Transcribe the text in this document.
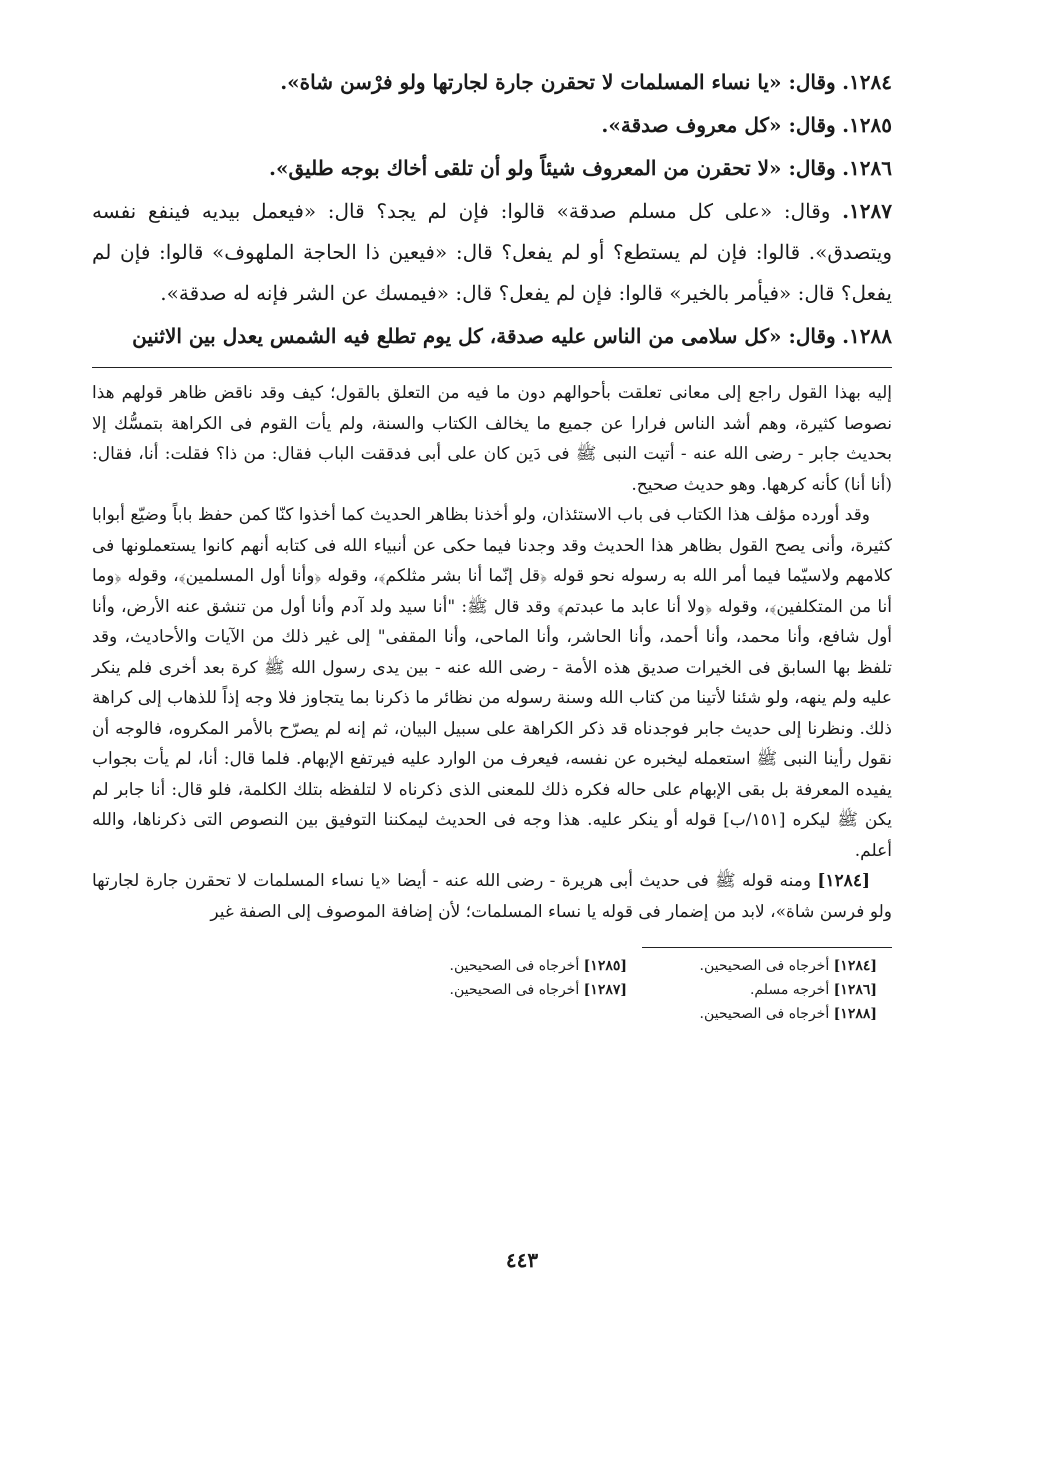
١٢٨٤. وقال: «يا نساء المسلمات لا تحقرن جارة لجارتها ولو فرْسن شاة».

١٢٨٥. وقال: «كل معروف صدقة».

١٢٨٦. وقال: «لا تحقرن من المعروف شيئاً ولو أن تلقى أخاك بوجه طليق».

١٢٨٧. وقال: «على كل مسلم صدقة» قالوا: فإن لم يجد؟ قال: «فيعمل بيديه فينفع نفسه ويتصدق». قالوا: فإن لم يستطع؟ أو لم يفعل؟ قال: «فيعين ذا الحاجة الملهوف» قالوا: فإن لم يفعل؟ قال: «فيأمر بالخير» قالوا: فإن لم يفعل؟ قال: «فيمسك عن الشر فإنه له صدقة».

١٢٨٨. وقال: «كل سلامى من الناس عليه صدقة، كل يوم تطلع فيه الشمس يعدل بين الاثنين

إليه بهذا القول راجع إلى معانى تعلقت بأحوالهم دون ما فيه من التعلق بالقول؛ كيف وقد ناقض ظاهر قولهم هذا نصوصا كثيرة، وهم أشد الناس فرارا عن جميع ما يخالف الكتاب والسنة، ولم يأت القوم فى الكراهة بتمسُّك إلا بحديث جابر - رضى الله عنه - أتيت النبى ﷺ فى دَين كان على أبى فدققت الباب فقال: من ذا؟ فقلت: أنا، فقال: (أنا أنا) كأنه كرهها. وهو حديث صحيح.

وقد أورده مؤلف هذا الكتاب فى باب الاستئذان، ولو أخذنا بظاهر الحديث كما أخذوا كنّا كمن حفظ باباً وضيّع أبوابا كثيرة، وأنى يصح القول بظاهر هذا الحديث وقد وجدنا فيما حكى عن أنبياء الله فى كتابه أنهم كانوا يستعملونها فى كلامهم ولاسيّما فيما أمر الله به رسوله نحو قوله ﴿قل إنّما أنا بشر مثلكم﴾، وقوله ﴿وأنا أول المسلمين﴾، وقوله ﴿وما أنا من المتكلفين﴾، وقوله ﴿ولا أنا عابد ما عبدتم﴾ وقد قال ﷺ: "أنا سيد ولد آدم وأنا أول من تنشق عنه الأرض، وأنا أول شافع، وأنا محمد، وأنا أحمد، وأنا الحاشر، وأنا الماحى، وأنا المقفى" إلى غير ذلك من الآيات والأحاديث، وقد تلفظ بها السابق فى الخيرات صديق هذه الأمة - رضى الله عنه - بين يدى رسول الله ﷺ كرة بعد أخرى فلم ينكر عليه ولم ينهه، ولو شئنا لأتينا من كتاب الله وسنة رسوله من نظائر ما ذكرنا بما يتجاوز فلا وجه إذاً للذهاب إلى كراهة ذلك. ونظرنا إلى حديث جابر فوجدناه قد ذكر الكراهة على سبيل البيان، ثم إنه لم يصرّح بالأمر المكروه، فالوجه أن نقول رأينا النبى ﷺ استعمله ليخبره عن نفسه، فيعرف من الوارد عليه فيرتفع الإبهام. فلما قال: أنا، لم يأت بجواب يفيده المعرفة بل بقى الإبهام على حاله فكره ذلك للمعنى الذى ذكرناه لا لتلفظه بتلك الكلمة، فلو قال: أنا جابر لم يكن ﷺ ليكره [١٥١/ب] قوله أو ينكر عليه. هذا وجه فى الحديث ليمكننا التوفيق بين النصوص التى ذكرناها، والله أعلم.

[١٢٨٤] ومنه قوله ﷺ فى حديث أبى هريرة - رضى الله عنه - أيضا «يا نساء المسلمات لا تحقرن جارة لجارتها ولو فرسن شاة»، لابد من إضمار فى قوله يا نساء المسلمات؛ لأن إضافة الموصوف إلى الصفة غير

[١٢٨٤] أخرجاه فى الصحيحين.
[١٢٨٥] أخرجاه فى الصحيحين.
[١٢٨٦] أخرجه مسلم.
[١٢٨٧] أخرجاه فى الصحيحين.
[١٢٨٨] أخرجاه فى الصحيحين.
٤٤٣
